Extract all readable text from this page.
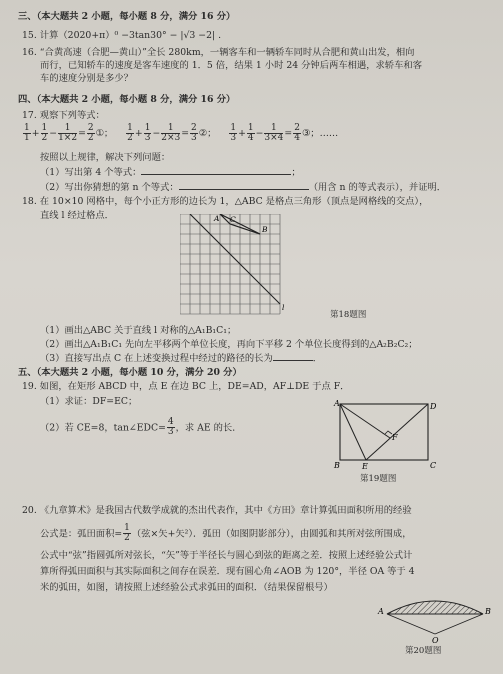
三、（本大题共 2 小题，每小题 8 分，满分 16 分）
15. 计算（2020+π）⁰ −3tan30° − |√3 −2| .
16. “合黄高速（合肥—黄山）”全长 280km，一辆客车和一辆轿车同时从合肥和黄山出发，相向
而行，已知轿车的速度是客车速度的 1．5 倍，结果 1 小时 24 分钟后两车相遇，求轿车和客
车的速度分别是多少？
四、（本大题共 2 小题，每小题 8 分，满分 16 分）
17. 观察下列等式：
$\frac{1}{1} + \frac{1}{2} - \frac{1}{1\times 2} = \frac{2}{2}$ ①； $\frac{1}{2} + \frac{1}{3} - \frac{1}{2\times 3} = \frac{2}{3}$ ②； $\frac{1}{3} + \frac{1}{4} - \frac{1}{3\times 4} = \frac{2}{4}$ ③；……
按照以上规律，解决下列问题：
（1）写出第 4 个等式：	；
（2）写出你猜想的第 n 个等式：	（用含 n 的等式表示），并证明．
18. 在 10×10 网格中，每个小正方形的边长为 1，△ABC 是格点三角形（顶点是网格线的交点），
直线 l 经过格点．	A C
B
l
第18题图
（1）画出△ABC 关于直线 l 对称的△A₁B₁C₁；
（2）画出△A₁B₁C₁ 先向左平移两个单位长度，再向下平移 2 个单位长度得到的△A₂B₂C₂；
（3）直接写出点 C 在上述变换过程中经过的路径的长为	．
五、（本大题共 2 小题，每小题 10 分，满分 20 分）
19. 如图，在矩形 ABCD 中，点 E 在边 BC 上，DE=AD，AF⊥DE 于点 F．
（1）求证：DF=EC；
（2）若 CE=8，tan∠EDC= $\frac{4}{3}$ ，求 AE 的长．
A	D
B	C
E
F
第19题图
20. 《九章算术》是我国古代数学成就的杰出代表作，其中《方田》章计算弧田面积所用的经验
公式是：弧田面积= $\frac{1}{2}$ （弦×矢+矢²）．弧田（如图阴影部分），由圆弧和其所对弦所围成，
公式中“弦”指圆弧所对弦长，“矢”等于半径长与圆心到弦的距离之差．按照上述经验公式计
算所得弧田面积与其实际面积之间存在误差．现有圆心角∠AOB 为 120°，半径 OA 等于 4
米的弧田，如图，请按照上述经验公式求弧田的面积．（结果保留根号）
A	B
O
第20题图
